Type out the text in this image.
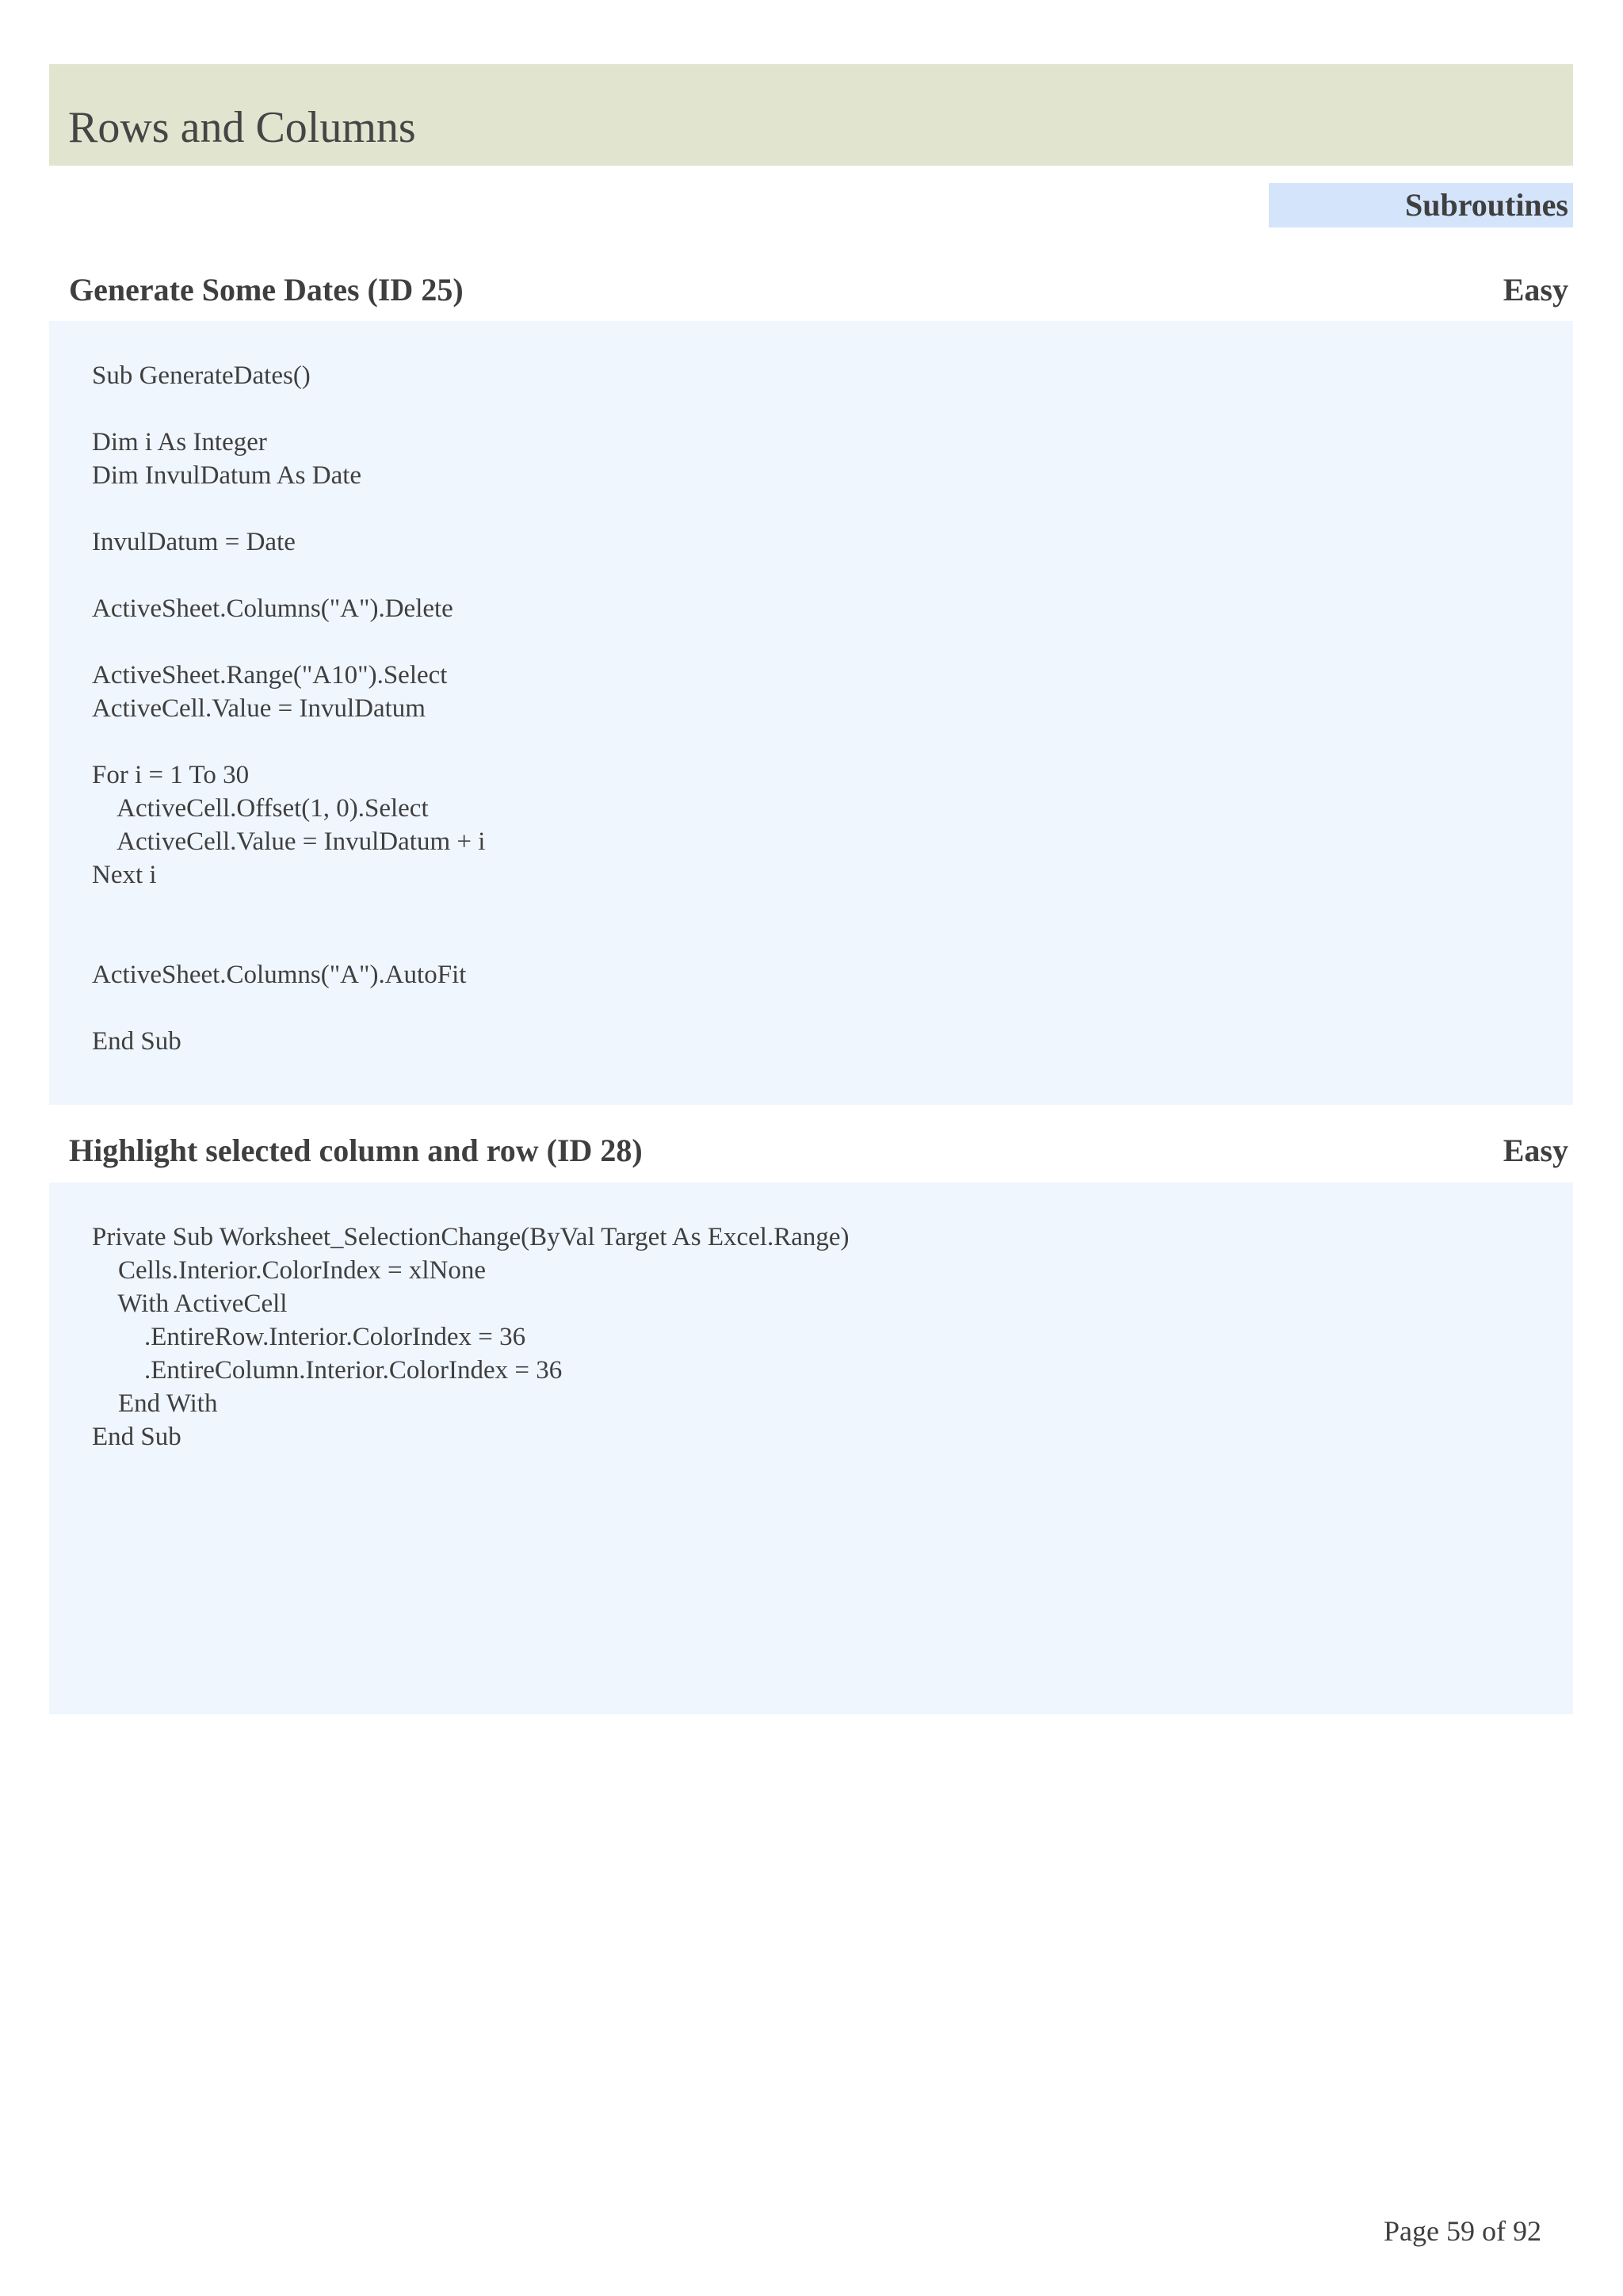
Rows and Columns
Subroutines
Generate Some Dates (ID 25)	Easy
Sub GenerateDates()
Dim i As Integer
Dim InvulDatum As Date
InvulDatum = Date
ActiveSheet.Columns("A").Delete
ActiveSheet.Range("A10").Select
ActiveCell.Value = InvulDatum
For i = 1 To 30
ActiveCell.Offset(1, 0).Select
ActiveCell.Value = InvulDatum + i
Next i
ActiveSheet.Columns("A").AutoFit
End Sub
Highlight selected column and row (ID 28)	Easy
Private Sub Worksheet_SelectionChange(ByVal Target As Excel.Range)
Cells.Interior.ColorIndex = xlNone
With ActiveCell
.EntireRow.Interior.ColorIndex = 36
.EntireColumn.Interior.ColorIndex = 36
End With
End Sub
Page 59 of 92
